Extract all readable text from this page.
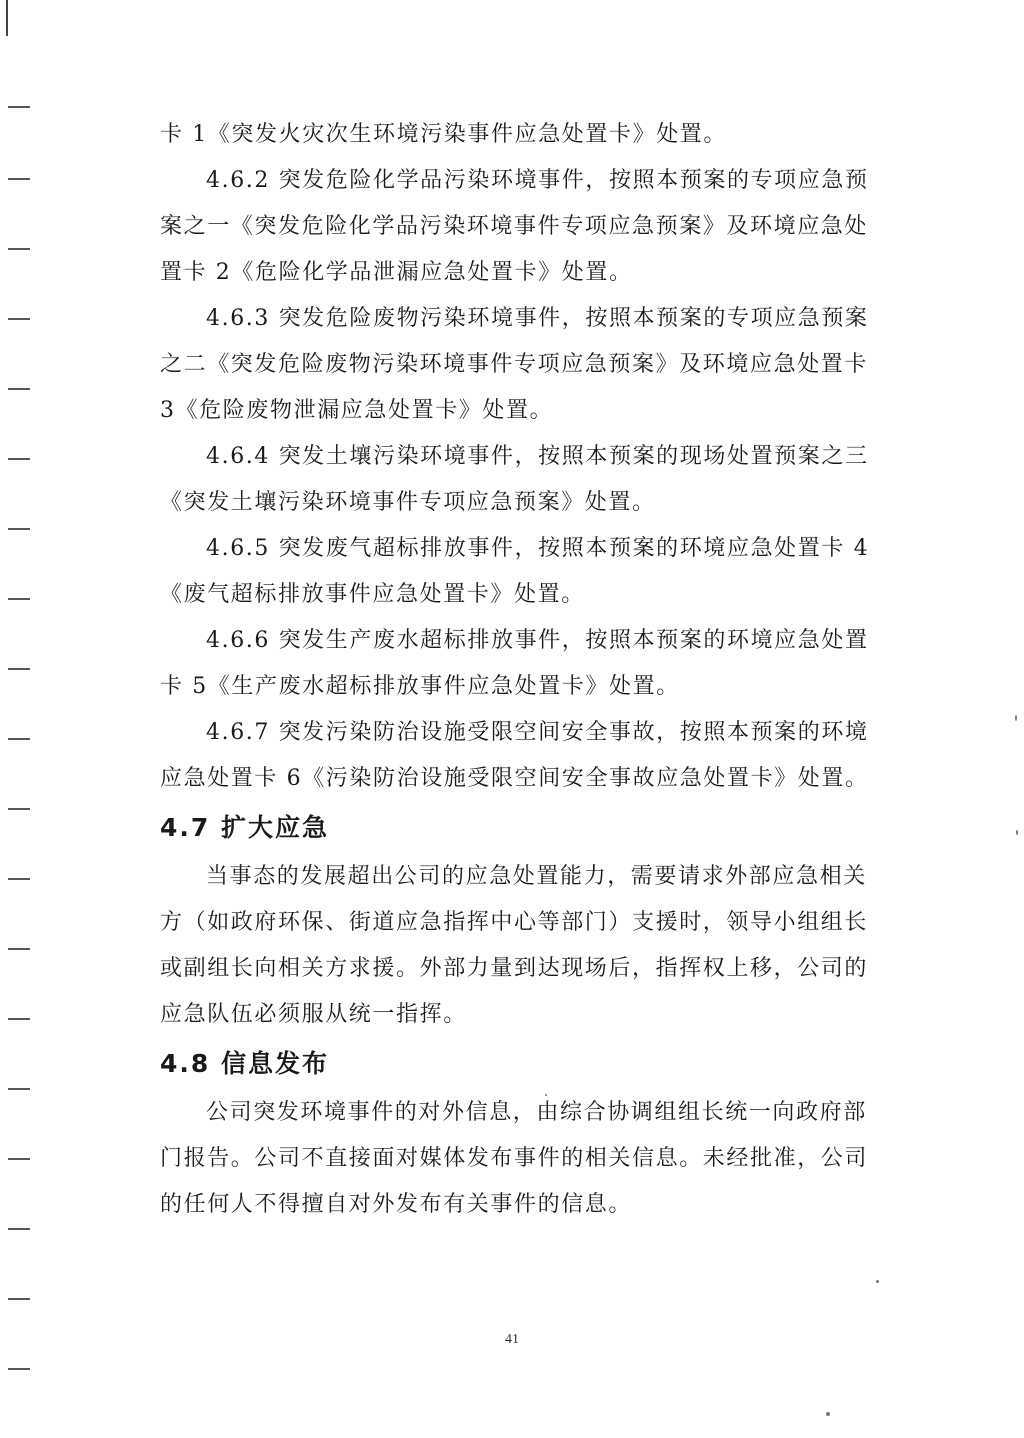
卡 1《突发火灾次生环境污染事件应急处置卡》处置。
4.6.2 突发危险化学品污染环境事件，按照本预案的专项应急预
案之一《突发危险化学品污染环境事件专项应急预案》及环境应急处
置卡 2《危险化学品泄漏应急处置卡》处置。
4.6.3 突发危险废物污染环境事件，按照本预案的专项应急预案
之二《突发危险废物污染环境事件专项应急预案》及环境应急处置卡
3《危险废物泄漏应急处置卡》处置。
4.6.4 突发土壤污染环境事件，按照本预案的现场处置预案之三
《突发土壤污染环境事件专项应急预案》处置。
4.6.5 突发废气超标排放事件，按照本预案的环境应急处置卡 4
《废气超标排放事件应急处置卡》处置。
4.6.6 突发生产废水超标排放事件，按照本预案的环境应急处置
卡 5《生产废水超标排放事件应急处置卡》处置。
4.6.7 突发污染防治设施受限空间安全事故，按照本预案的环境
应急处置卡 6《污染防治设施受限空间安全事故应急处置卡》处置。
4.7 扩大应急
当事态的发展超出公司的应急处置能力，需要请求外部应急相关
方（如政府环保、街道应急指挥中心等部门）支援时，领导小组组长
或副组长向相关方求援。外部力量到达现场后，指挥权上移，公司的
应急队伍必须服从统一指挥。
4.8 信息发布
公司突发环境事件的对外信息，由综合协调组组长统一向政府部
门报告。公司不直接面对媒体发布事件的相关信息。未经批准，公司
的任何人不得擅自对外发布有关事件的信息。
41
